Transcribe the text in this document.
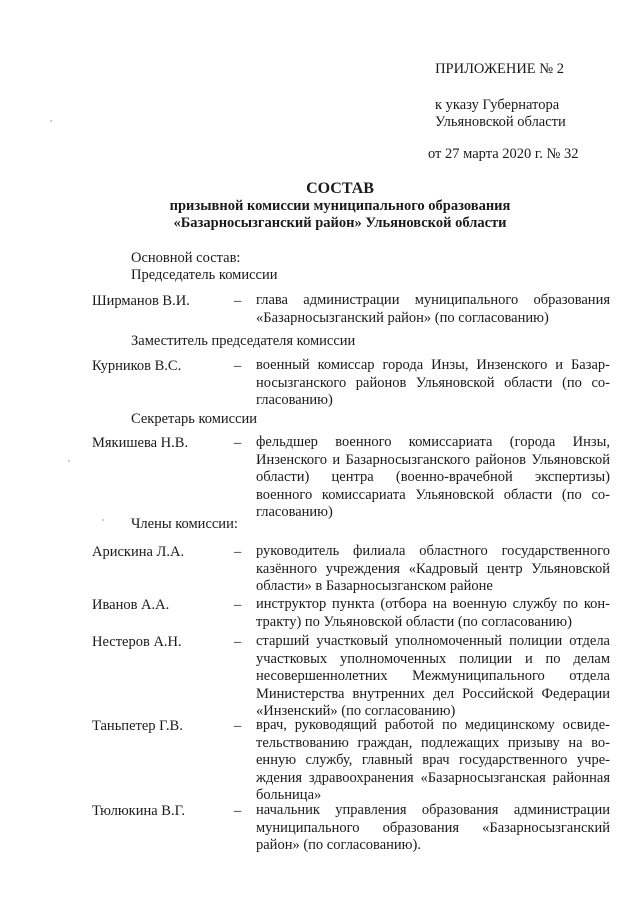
ПРИЛОЖЕНИЕ № 2
к указу Губернатора
Ульяновской области
от 27 марта 2020 г. № 32
СОСТАВ
призывной комиссии муниципального образования
«Базарносызганский район» Ульяновской области
Основной состав:
Председатель комиссии
Ширманов В.И.	– глава администрации муниципального образования «Базарносызганский район» (по согласованию)
Заместитель председателя комиссии
Курников В.С.	– военный комиссар города Инзы, Инзенского и Базарносызганского районов Ульяновской области (по согласованию)
Секретарь комиссии
Мякишева Н.В.	– фельдшер военного комиссариата (города Инзы, Инзенского и Базарносызганского районов Ульяновской области) центра (военно-врачебной экспертизы) военного комиссариата Ульяновской области (по согласованию)
Члены комиссии:
Арискина Л.А.	– руководитель филиала областного государственного казённого учреждения «Кадровый центр Ульяновской области» в Базарносызганском районе
Иванов А.А.	– инструктор пункта (отбора на военную службу по контракту) по Ульяновской области (по согласованию)
Нестеров А.Н.	– старший участковый уполномоченный полиции отдела участковых уполномоченных полиции и по делам несовершеннолетних Межмуниципального отдела Министерства внутренних дел Российской Федерации «Инзенский» (по согласованию)
Таньпетер Г.В.	– врач, руководящий работой по медицинскому освидетельствованию граждан, подлежащих призыву на военную службу, главный врач государственного учреждения здравоохранения «Базарносызганская районная больница»
Тюлюкина В.Г.	– начальник управления образования администрации муниципального образования «Базарносызганский район» (по согласованию).
